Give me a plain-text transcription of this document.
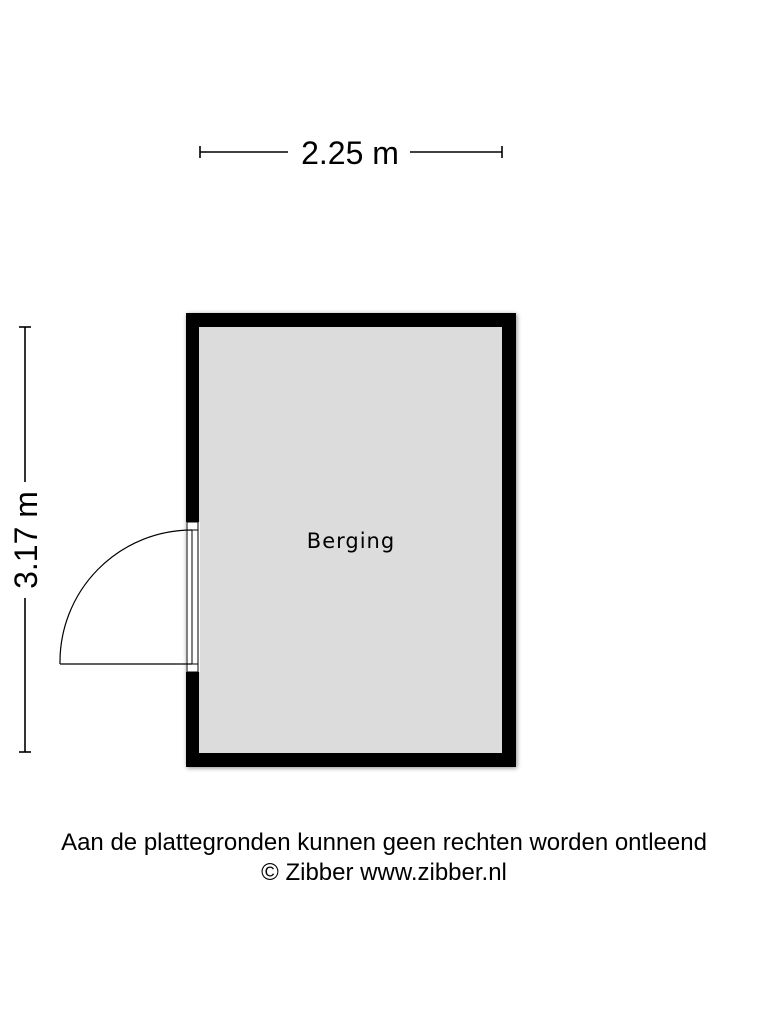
2.25 m
3.17 m	Berging
Aan de plattegronden kunnen geen rechten worden ontleend
© Zibber www.zibber.nl
